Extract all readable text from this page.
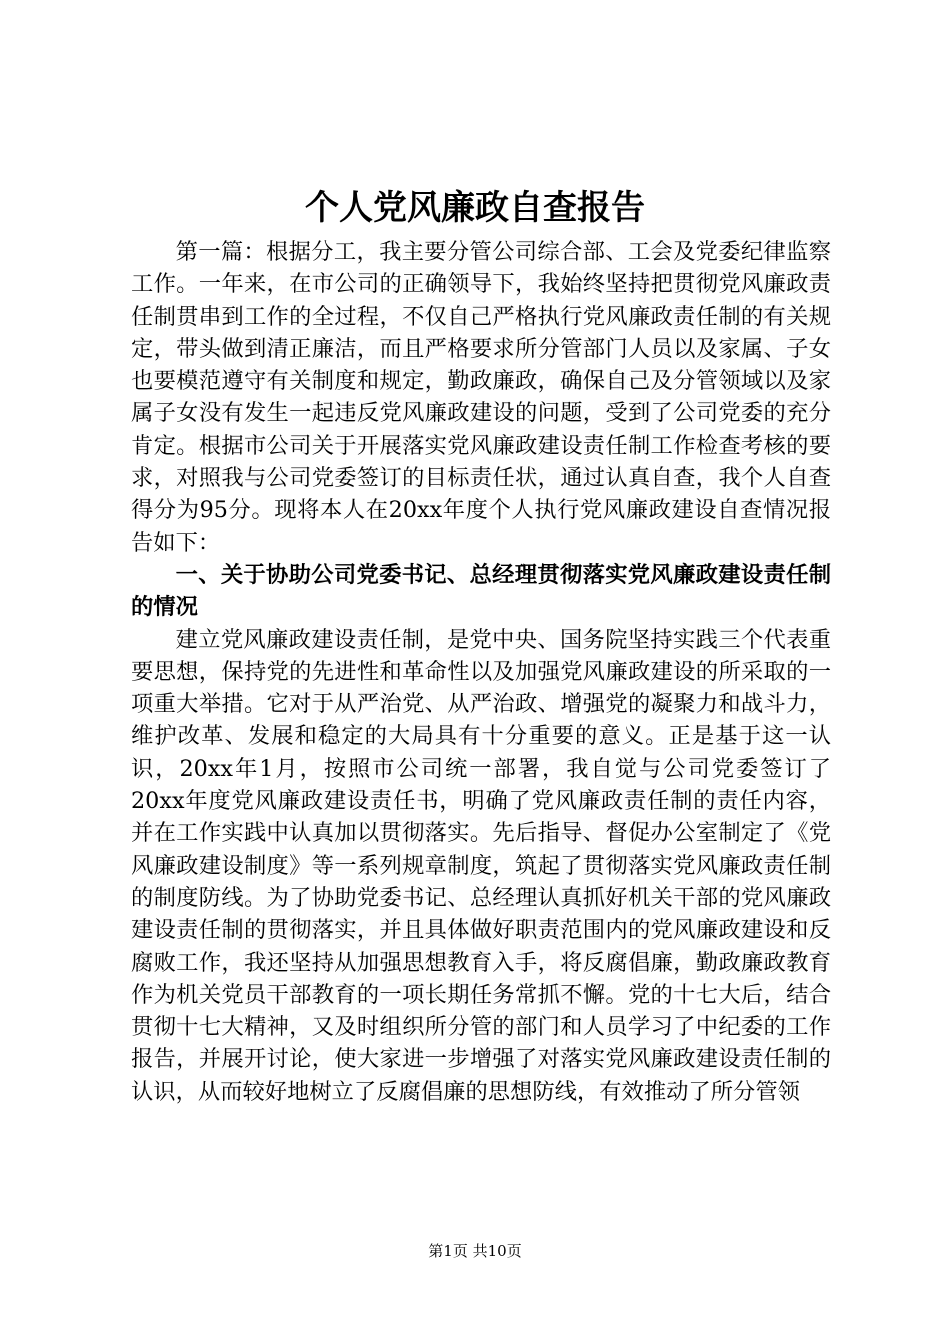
个人党风廉政自查报告

第一篇：根据分工，我主要分管公司综合部、工会及党委纪律监察工作。一年来，在市公司的正确领导下，我始终坚持把贯彻党风廉政责任制贯串到工作的全过程，不仅自己严格执行党风廉政责任制的有关规定，带头做到清正廉洁，而且严格要求所分管部门人员以及家属、子女也要模范遵守有关制度和规定，勤政廉政，确保自己及分管领域以及家属子女没有发生一起违反党风廉政建设的问题，受到了公司党委的充分肯定。根据市公司关于开展落实党风廉政建设责任制工作检查考核的要求，对照我与公司党委签订的目标责任状，通过认真自查，我个人自查得分为95分。现将本人在20xx年度个人执行党风廉政建设自查情况报告如下：

一、关于协助公司党委书记、总经理贯彻落实党风廉政建设责任制的情况

建立党风廉政建设责任制，是党中央、国务院坚持实践三个代表重要思想，保持党的先进性和革命性以及加强党风廉政建设的所采取的一项重大举措。它对于从严治党、从严治政、增强党的凝聚力和战斗力，维护改革、发展和稳定的大局具有十分重要的意义。正是基于这一认识，20xx年1月，按照市公司统一部署，我自觉与公司党委签订了20xx年度党风廉政建设责任书，明确了党风廉政责任制的责任内容，并在工作实践中认真加以贯彻落实。先后指导、督促办公室制定了《党风廉政建设制度》等一系列规章制度，筑起了贯彻落实党风廉政责任制的制度防线。为了协助党委书记、总经理认真抓好机关干部的党风廉政建设责任制的贯彻落实，并且具体做好职责范围内的党风廉政建设和反腐败工作，我还坚持从加强思想教育入手，将反腐倡廉，勤政廉政教育作为机关党员干部教育的一项长期任务常抓不懈。党的十七大后，结合贯彻十七大精神，又及时组织所分管的部门和人员学习了中纪委的工作报告，并展开讨论，使大家进一步增强了对落实党风廉政建设责任制的认识，从而较好地树立了反腐倡廉的思想防线，有效推动了所分管领

第1页 共10页
